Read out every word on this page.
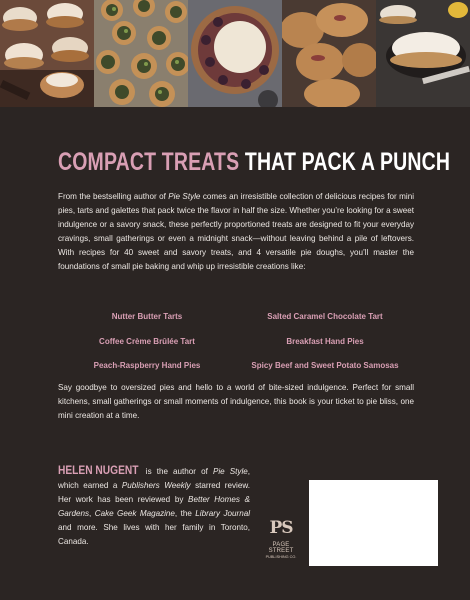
COMPACT TREATS THAT PACK A PUNCH
From the bestselling author of Pie Style comes an irresistible collection of delicious recipes for mini pies, tarts and galettes that pack twice the flavor in half the size. Whether you’re looking for a sweet indulgence or a savory snack, these perfectly proportioned treats are designed to fit your everyday cravings, small gatherings or even a midnight snack—without leaving behind a pile of leftovers. With recipes for 40 sweet and savory treats, and 4 versatile pie doughs, you’ll master the foundations of small pie baking and whip up irresistible creations like:
Nutter Butter Tarts	Salted Caramel Chocolate Tart
Coffee Crème Brûlée Tart	Breakfast Hand Pies
Peach-Raspberry Hand Pies	Spicy Beef and Sweet Potato Samosas
Say goodbye to oversized pies and hello to a world of bite-sized indulgence. Perfect for small kitchens, small gatherings or small moments of indulgence, this book is your ticket to pie bliss, one mini creation at a time.
HELEN NUGENT is the author of Pie Style, which earned a Publishers Weekly starred review. Her work has been reviewed by Better Homes & Gardens, Cake Geek Magazine, the Library Journal and more. She lives with her family in Toronto, Canada.
PS
PAGE STREET
PUBLISHING CO.
